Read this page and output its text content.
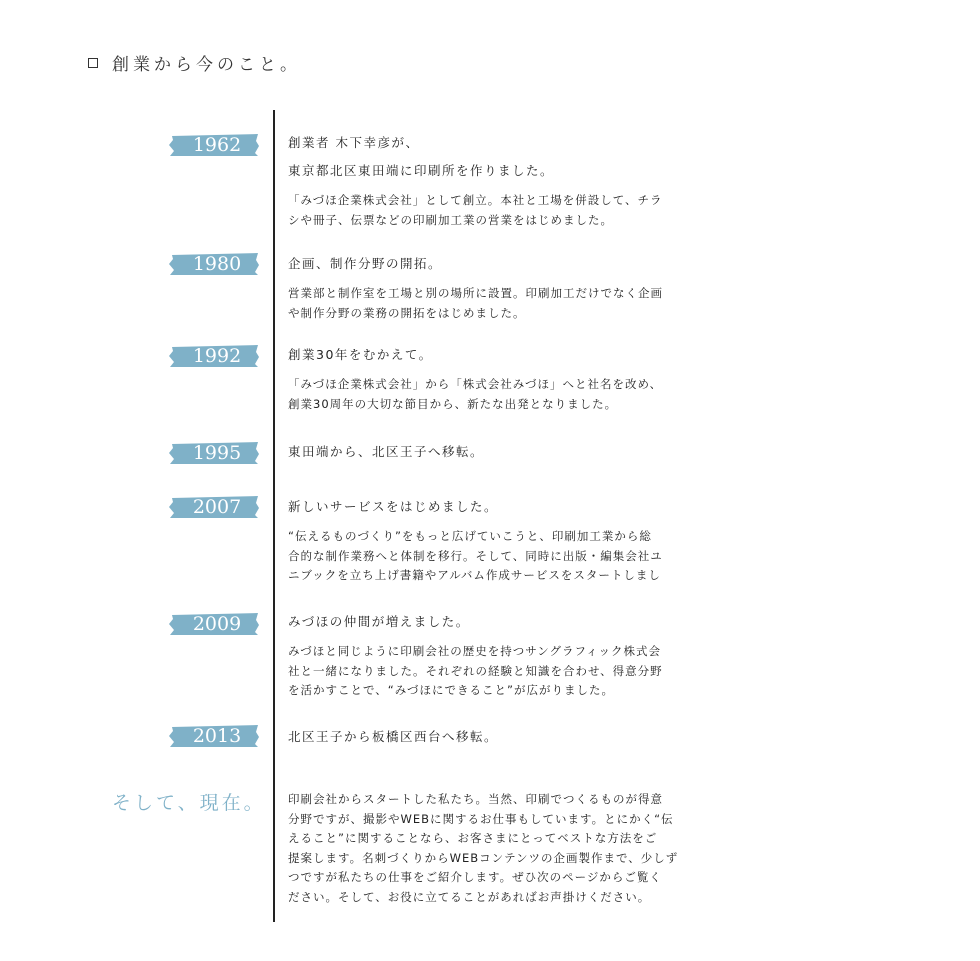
創業から今のこと。
1962	創業者 木下幸彦が、
東京都北区東田端に印刷所を作りました。
「みづほ企業株式会社」として創立。本社と工場を併設して、チラ
シや冊子、伝票などの印刷加工業の営業をはじめました。
1980	企画、制作分野の開拓。
営業部と制作室を工場と別の場所に設置。印刷加工だけでなく企画
や制作分野の業務の開拓をはじめました。
1992	創業30年をむかえて。
「みづほ企業株式会社」から「株式会社みづほ」へと社名を改め、
創業30周年の大切な節目から、新たな出発となりました。
1995	東田端から、北区王子へ移転。
2007	新しいサービスをはじめました。
“伝えるものづくり”をもっと広げていこうと、印刷加工業から総
合的な制作業務へと体制を移行。そして、同時に出版・編集会社ユ
ニブックを立ち上げ書籍やアルバム作成サービスをスタートしまし
2009	みづほの仲間が増えました。
みづほと同じように印刷会社の歴史を持つサングラフィック株式会
社と一緒になりました。それぞれの経験と知識を合わせ、得意分野
を活かすことで、“みづほにできること”が広がりました。
2013	北区王子から板橋区西台へ移転。
そして、現在。 印刷会社からスタートした私たち。当然、印刷でつくるものが得意
分野ですが、撮影やWEBに関するお仕事もしています。とにかく“伝
えること”に関することなら、お客さまにとってベストな方法をご
提案します。名刺づくりからWEBコンテンツの企画製作まで、少しず
つですが私たちの仕事をご紹介します。ぜひ次のページからご覧く
ださい。そして、お役に立てることがあればお声掛けください。
